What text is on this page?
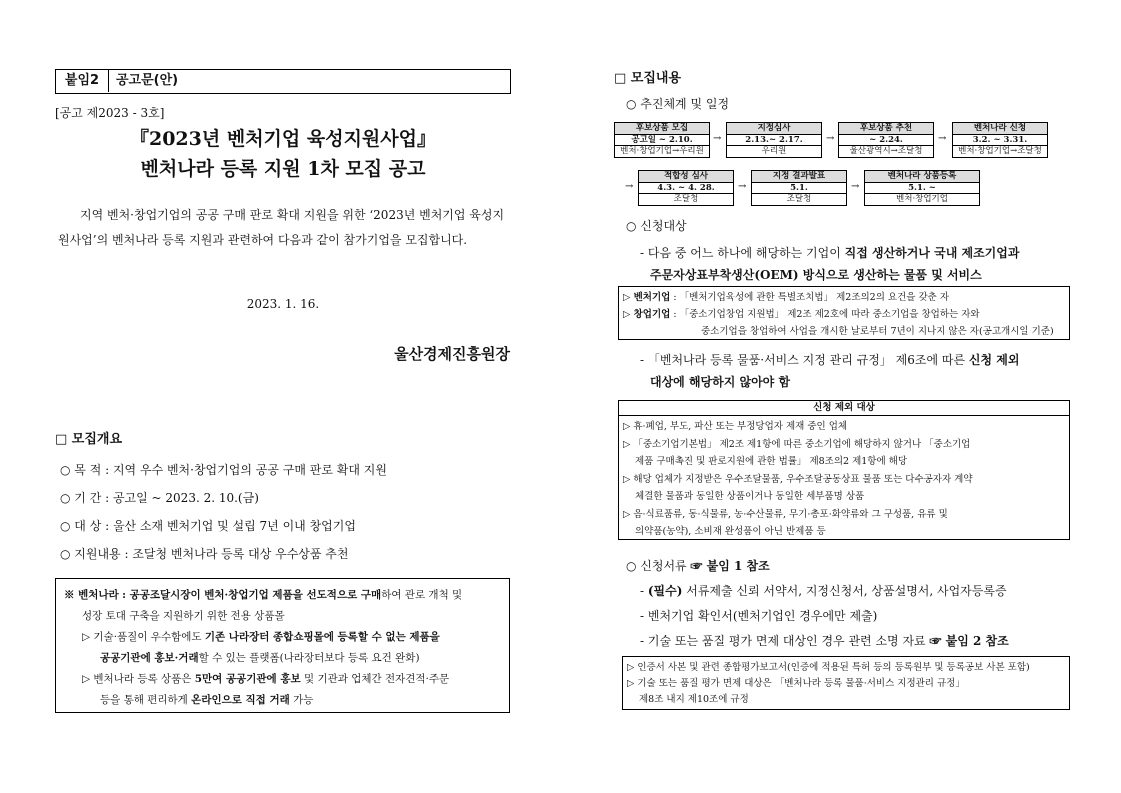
붙임2	공고문(안)
[공고 제2023 - 3호]
『2023년 벤처기업 육성지원사업』
벤처나라 등록 지원 1차 모집 공고
지역 벤처·창업기업의 공공 구매 판로 확대 지원을 위한 ‘2023년 벤처기업 육성지원사업’의 벤처나라 등록 지원과 관련하여 다음과 같이 참가기업을 모집합니다.
2023. 1. 16.
울산경제진흥원장
□ 모집개요
○ 목 적 : 지역 우수 벤처·창업기업의 공공 구매 판로 확대 지원
○ 기 간 : 공고일 ~ 2023. 2. 10.(금)
○ 대 상 : 울산 소재 벤처기업 및 설립 7년 이내 창업기업
○ 지원내용 : 조달청 벤처나라 등록 대상 우수상품 추천
※ 벤처나라 : 공공조달시장이 벤처·창업기업 제품을 선도적으로 구매하여 관로 개척 및
성장 토대 구축을 지원하기 위한 전용 상품몰
▷ 기술·품질이 우수함에도 기존 나라장터 종합쇼핑몰에 등록할 수 없는 제품을
공공기관에 홍보·거래할 수 있는 플랫폼(나라장터보다 등록 요건 완화)
▷ 벤처나라 등록 상품은 5만여 공공기관에 홍보 및 기관과 업체간 전자견적·주문
등을 통해 편리하게 온라인으로 직접 거래 가능
□ 모집내용
○ 추진체계 및 일정
후보상품 모집
공고일 ~ 2.10.
벤처·창업기업→우리원
→
지정심사
2.13.~ 2.17.
우리원
→
후보상품 추천
~ 2.24.
울산광역시→조달청
→
벤처나라 신청
3.2. ~ 3.31.
벤처·창업기업→조달청
→
적합성 심사
4.3. ~ 4. 28.
조달청
→
지정 결과발표
5.1.
조달청
→
벤처나라 상품등록
5.1. ~
벤처·창업기업
○ 신청대상
- 다음 중 어느 하나에 해당하는 기업이 직접 생산하거나 국내 제조기업과
주문자상표부착생산(OEM) 방식으로 생산하는 물품 및 서비스
▷ 벤처기업 : 「벤처기업육성에 관한 특별조치법」 제2조의2의 요건을 갖춘 자
▷ 창업기업 : 「중소기업창업 지원법」 제2조 제2호에 따라 중소기업을 창업하는 자와
중소기업을 창업하여 사업을 개시한 날로부터 7년이 지나지 않은 자(공고개시일 기준)
- 「벤처나라 등록 물품·서비스 지정 관리 규정」 제6조에 따른 신청 제외
대상에 해당하지 않아야 함
신청 제외 대상
▷ 휴·폐업, 부도, 파산 또는 부정당업자 제재 중인 업체
▷ 「중소기업기본법」 제2조 제1항에 따른 중소기업에 해당하지 않거나 「중소기업
제품 구매촉진 및 판로지원에 관한 법률」 제8조의2 제1항에 해당
▷ 해당 업체가 지정받은 우수조달물품, 우수조달공동상표 물품 또는 다수공자자 계약
체결한 물품과 동일한 상품이거나 동일한 세부품명 상품
▷ 음·식료품류, 동·식물류, 농·수산물류, 무기·총포·화약류와 그 구성품, 유류 및
의약품(농약), 소비재 완성품이 아닌 반제품 등
○ 신청서류 ☞ 붙임 1 참조
- (필수) 서류제출 신뢰 서약서, 지정신청서, 상품설명서, 사업자등록증
- 벤처기업 확인서(벤처기업인 경우에만 제출)
- 기술 또는 품질 평가 면제 대상인 경우 관련 소명 자료 ☞ 붙임 2 참조
▷ 인증서 사본 및 관련 종합평가보고서(인증에 적용된 특허 등의 등록원부 및 등록공보 사본 포함)
▷ 기술 또는 품질 평가 면제 대상은 「벤처나라 등록 물품·서비스 지정관리 규정」
제8조 내지 제10조에 규정
